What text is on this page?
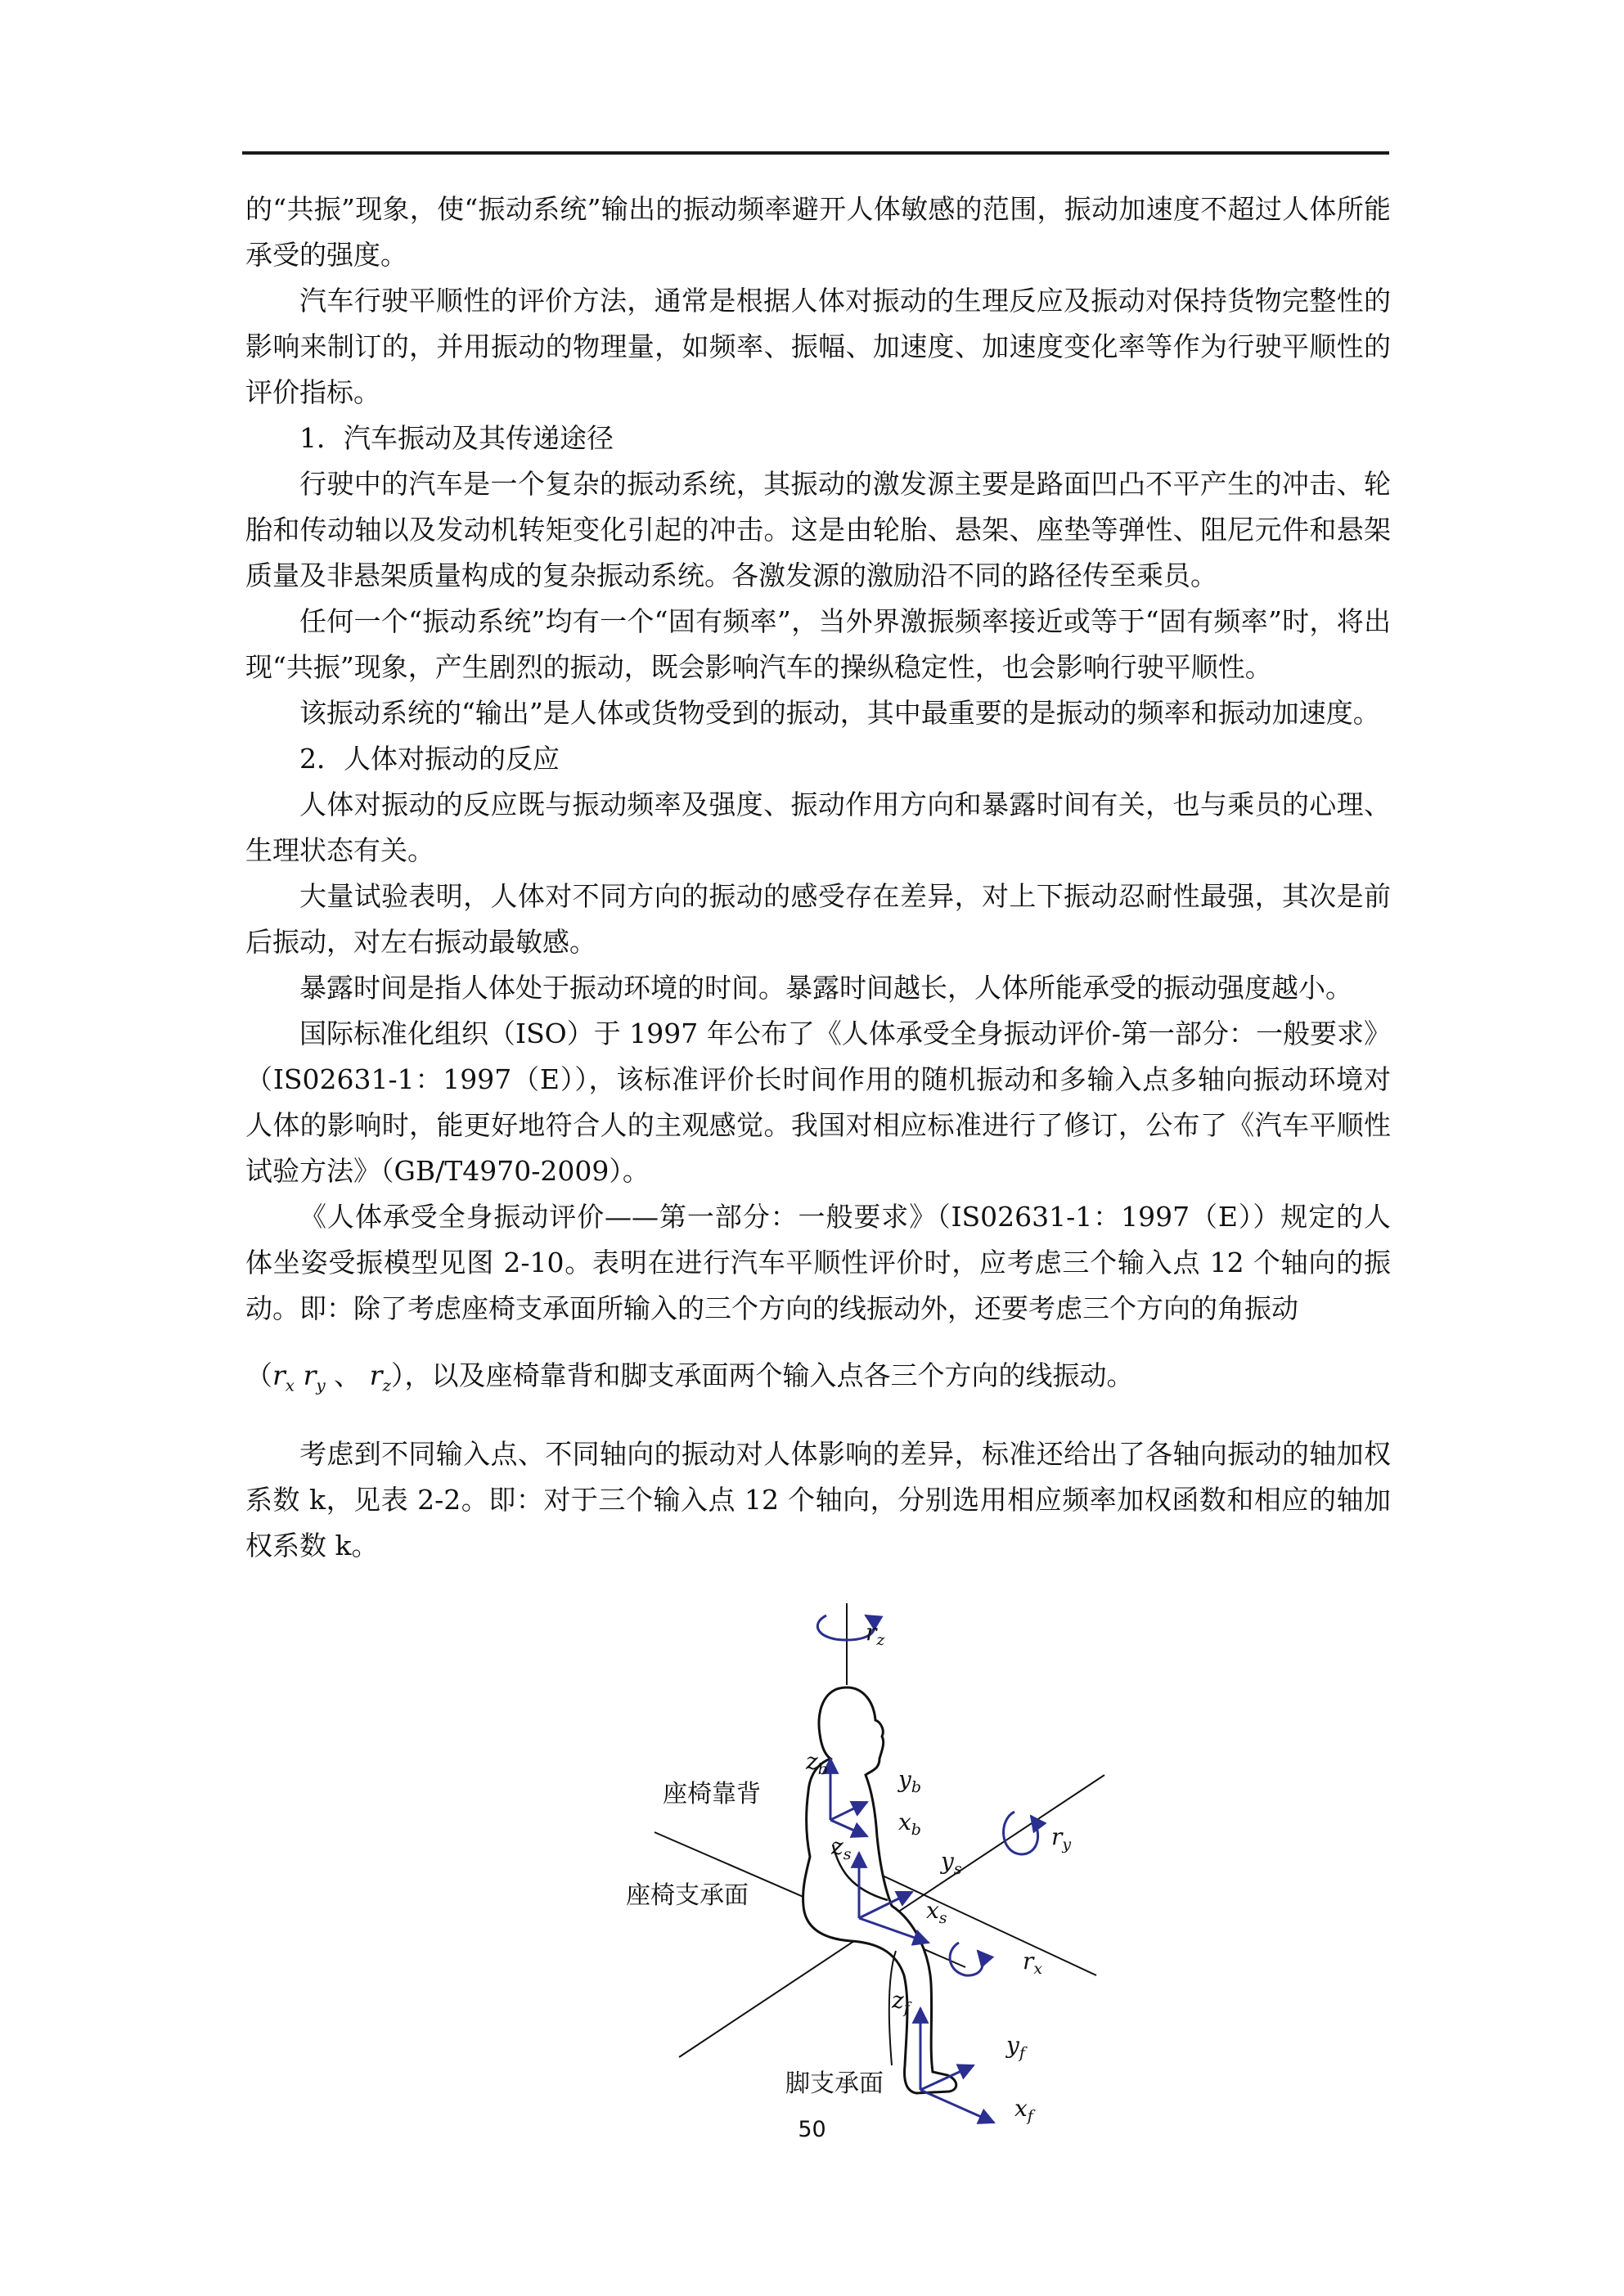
的“共振”现象，使“振动系统”输出的振动频率避开人体敏感的范围，振动加速度不超过人体所能承受的强度。

汽车行驶平顺性的评价方法，通常是根据人体对振动的生理反应及振动对保持货物完整性的影响来制订的，并用振动的物理量，如频率、振幅、加速度、加速度变化率等作为行驶平顺性的评价指标。

1．汽车振动及其传递途径

行驶中的汽车是一个复杂的振动系统，其振动的激发源主要是路面凹凸不平产生的冲击、轮胎和传动轴以及发动机转矩变化引起的冲击。这是由轮胎、悬架、座垫等弹性、阻尼元件和悬架质量及非悬架质量构成的复杂振动系统。各激发源的激励沿不同的路径传至乘员。

任何一个“振动系统”均有一个“固有频率”，当外界激振频率接近或等于“固有频率”时，将出现“共振”现象，产生剧烈的振动，既会影响汽车的操纵稳定性，也会影响行驶平顺性。

该振动系统的“输出”是人体或货物受到的振动，其中最重要的是振动的频率和振动加速度。

2．人体对振动的反应

人体对振动的反应既与振动频率及强度、振动作用方向和暴露时间有关，也与乘员的心理、生理状态有关。

大量试验表明，人体对不同方向的振动的感受存在差异，对上下振动忍耐性最强，其次是前后振动，对左右振动最敏感。

暴露时间是指人体处于振动环境的时间。暴露时间越长，人体所能承受的振动强度越小。

国际标准化组织（ISO）于 1997 年公布了《人体承受全身振动评价-第一部分：一般要求》（IS02631-1：1997（E）），该标准评价长时间作用的随机振动和多输入点多轴向振动环境对人体的影响时，能更好地符合人的主观感觉。我国对相应标准进行了修订，公布了《汽车平顺性试验方法》（GB/T4970-2009）。

《人体承受全身振动评价——第一部分：一般要求》（IS02631-1：1997（E））规定的人体坐姿受振模型见图 2-10。表明在进行汽车平顺性评价时，应考虑三个输入点 12 个轴向的振动。即：除了考虑座椅支承面所输入的三个方向的线振动外，还要考虑三个方向的角振动

（$r_x$ $r_y$ 、 $r_z$），以及座椅靠背和脚支承面两个输入点各三个方向的线振动。

考虑到不同输入点、不同轴向的振动对人体影响的差异，标准还给出了各轴向振动的轴加权系数 k，见表 2-2。即：对于三个输入点 12 个轴向，分别选用相应频率加权函数和相应的轴加权系数 k。

$r_z$
$r_y$
$r_x$
$z_b$	$y_b$
$x_b$
$z_s$	$y_s$
$x_s$
$z_f$
$y_f$
$x_f$
座椅靠背
座椅支承面
脚支承面
50
